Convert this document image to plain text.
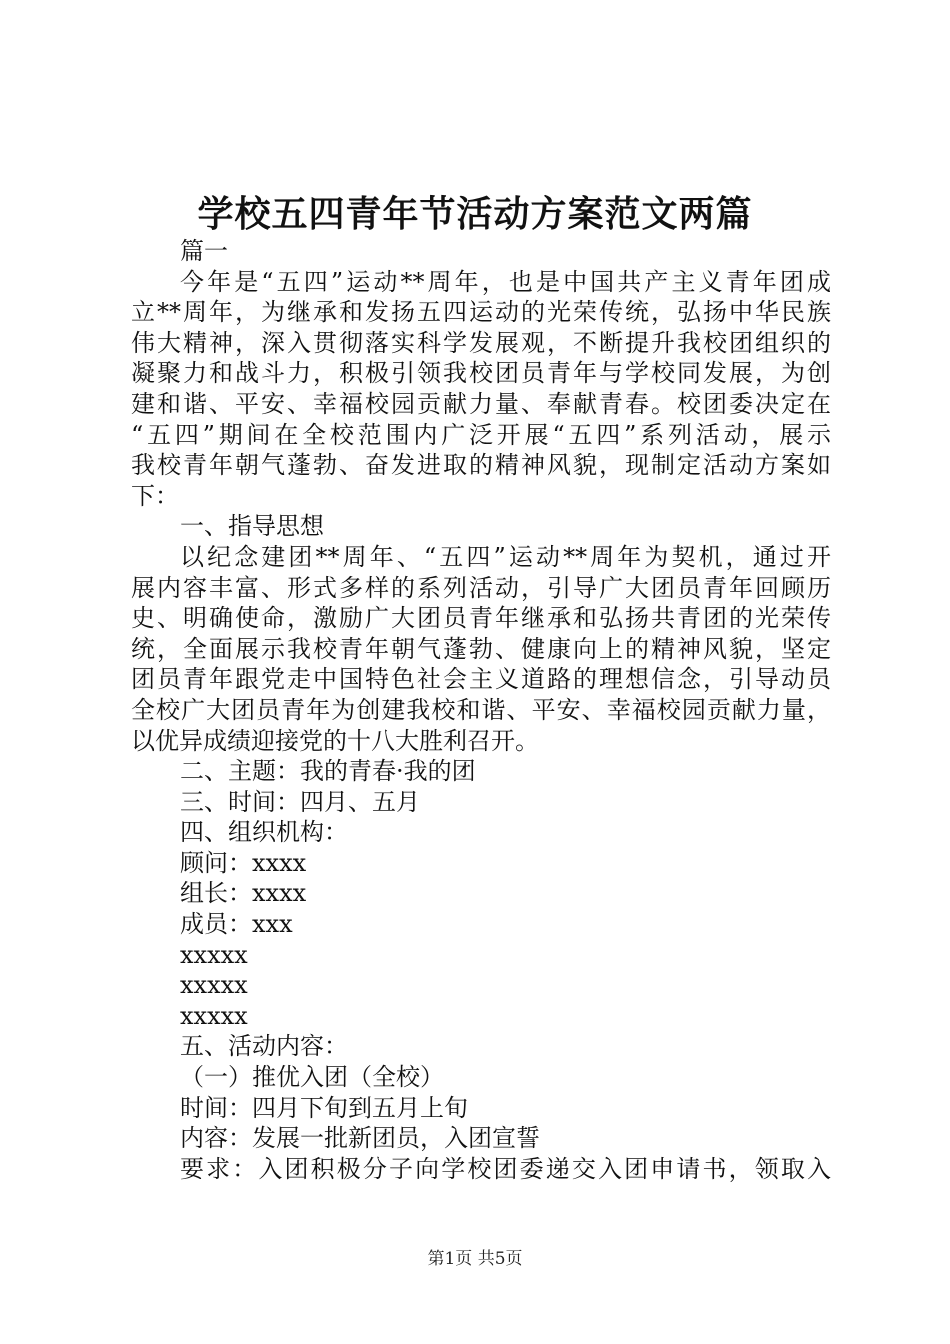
学校五四青年节活动方案范文两篇
篇一
今年是“五四”运动**周年，也是中国共产主义青年团成
立**周年，为继承和发扬五四运动的光荣传统，弘扬中华民族
伟大精神，深入贯彻落实科学发展观，不断提升我校团组织的
凝聚力和战斗力，积极引领我校团员青年与学校同发展，为创
建和谐、平安、幸福校园贡献力量、奉献青春。校团委决定在
“五四”期间在全校范围内广泛开展“五四”系列活动，展示
我校青年朝气蓬勃、奋发进取的精神风貌，现制定活动方案如
下：
一、指导思想
以纪念建团**周年、“五四”运动**周年为契机，通过开
展内容丰富、形式多样的系列活动，引导广大团员青年回顾历
史、明确使命，激励广大团员青年继承和弘扬共青团的光荣传
统，全面展示我校青年朝气蓬勃、健康向上的精神风貌，坚定
团员青年跟党走中国特色社会主义道路的理想信念，引导动员
全校广大团员青年为创建我校和谐、平安、幸福校园贡献力量，
以优异成绩迎接党的十八大胜利召开。
二、主题：我的青春·我的团
三、时间：四月、五月
四、组织机构：
顾问：xxxx
组长：xxxx
成员：xxx
xxxxx
xxxxx
xxxxx
五、活动内容：
（一）推优入团（全校）
时间：四月下旬到五月上旬
内容：发展一批新团员，入团宣誓
要求：入团积极分子向学校团委递交入团申请书，领取入
第1页 共5页
